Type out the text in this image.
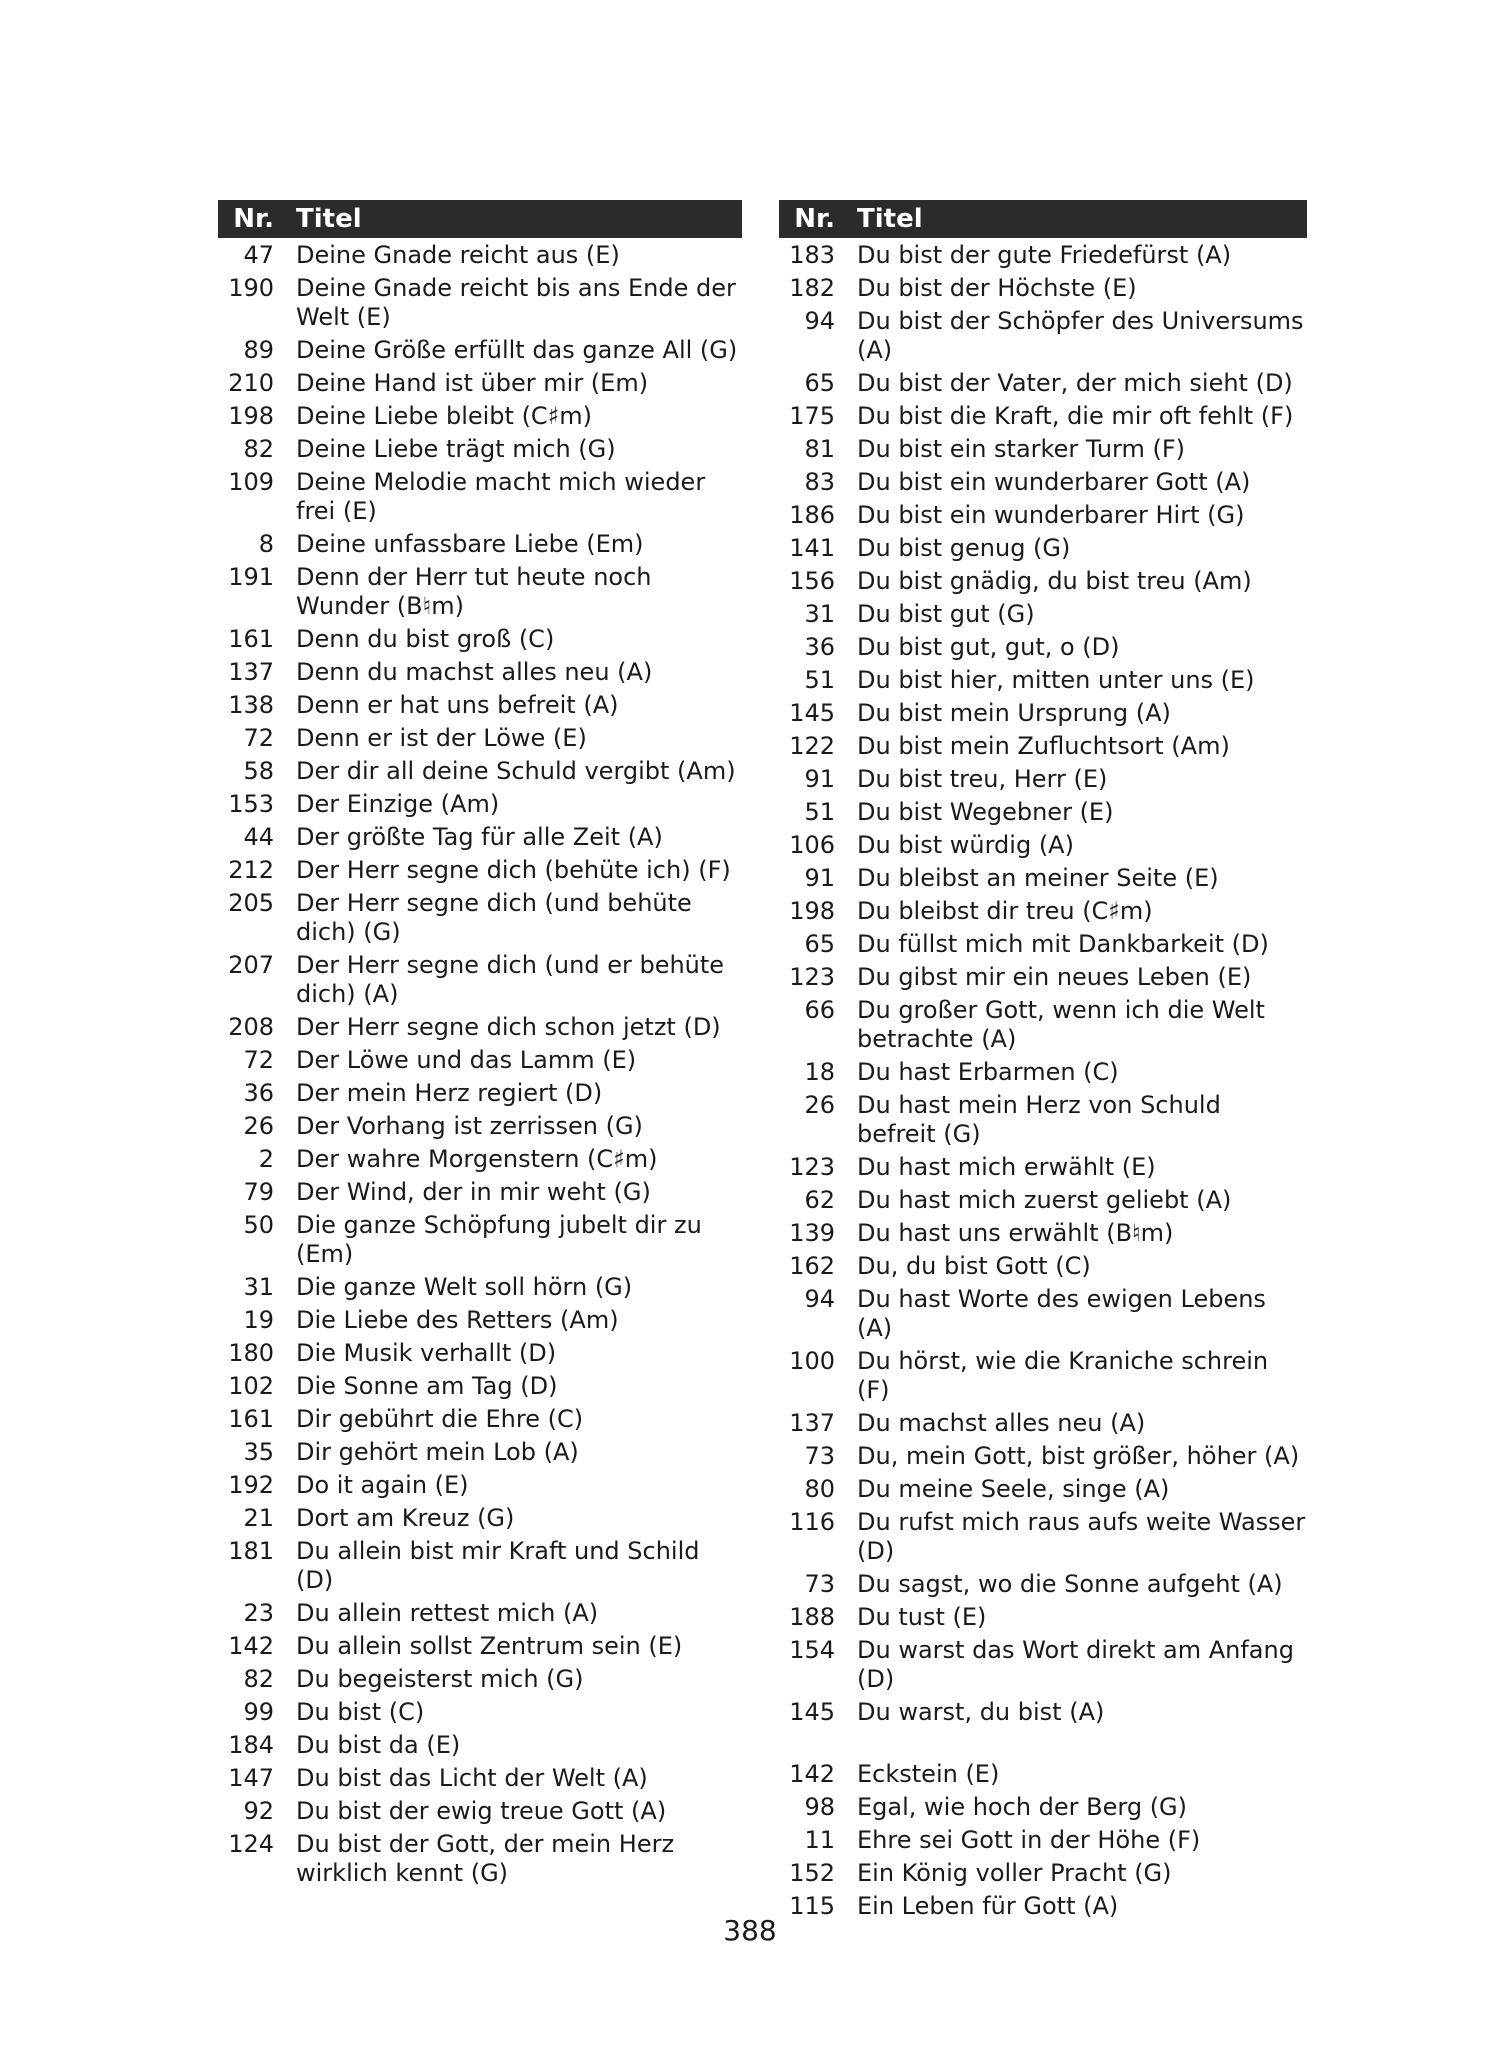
Nr. Titel
47 Deine Gnade reicht aus (E)
190 Deine Gnade reicht bis ans Ende der Welt (E)
89 Deine Größe erfüllt das ganze All (G)
210 Deine Hand ist über mir (Em)
198 Deine Liebe bleibt (C♯m)
82 Deine Liebe trägt mich (G)
109 Deine Melodie macht mich wieder frei (E)
8 Deine unfassbare Liebe (Em)
191 Denn der Herr tut heute noch Wunder (B♮m)
161 Denn du bist groß (C)
137 Denn du machst alles neu (A)
138 Denn er hat uns befreit (A)
72 Denn er ist der Löwe (E)
58 Der dir all deine Schuld vergibt (Am)
153 Der Einzige (Am)
44 Der größte Tag für alle Zeit (A)
212 Der Herr segne dich (behüte ich) (F)
205 Der Herr segne dich (und behüte dich) (G)
207 Der Herr segne dich (und er behüte dich) (A)
208 Der Herr segne dich schon jetzt (D)
72 Der Löwe und das Lamm (E)
36 Der mein Herz regiert (D)
26 Der Vorhang ist zerrissen (G)
2 Der wahre Morgenstern (C♯m)
79 Der Wind, der in mir weht (G)
50 Die ganze Schöpfung jubelt dir zu (Em)
31 Die ganze Welt soll hörn (G)
19 Die Liebe des Retters (Am)
180 Die Musik verhallt (D)
102 Die Sonne am Tag (D)
161 Dir gebührt die Ehre (C)
35 Dir gehört mein Lob (A)
192 Do it again (E)
21 Dort am Kreuz (G)
181 Du allein bist mir Kraft und Schild (D)
23 Du allein rettest mich (A)
142 Du allein sollst Zentrum sein (E)
82 Du begeisterst mich (G)
99 Du bist (C)
184 Du bist da (E)
147 Du bist das Licht der Welt (A)
92 Du bist der ewig treue Gott (A)
124 Du bist der Gott, der mein Herz wirklich kennt (G)
Nr. Titel
183 Du bist der gute Friedefürst (A)
182 Du bist der Höchste (E)
94 Du bist der Schöpfer des Universums (A)
65 Du bist der Vater, der mich sieht (D)
175 Du bist die Kraft, die mir oft fehlt (F)
81 Du bist ein starker Turm (F)
83 Du bist ein wunderbarer Gott (A)
186 Du bist ein wunderbarer Hirt (G)
141 Du bist genug (G)
156 Du bist gnädig, du bist treu (Am)
31 Du bist gut (G)
36 Du bist gut, gut, o (D)
51 Du bist hier, mitten unter uns (E)
145 Du bist mein Ursprung (A)
122 Du bist mein Zufluchtsort (Am)
91 Du bist treu, Herr (E)
51 Du bist Wegebner (E)
106 Du bist würdig (A)
91 Du bleibst an meiner Seite (E)
198 Du bleibst dir treu (C♯m)
65 Du füllst mich mit Dankbarkeit (D)
123 Du gibst mir ein neues Leben (E)
66 Du großer Gott, wenn ich die Welt betrachte (A)
18 Du hast Erbarmen (C)
26 Du hast mein Herz von Schuld befreit (G)
123 Du hast mich erwählt (E)
62 Du hast mich zuerst geliebt (A)
139 Du hast uns erwählt (B♮m)
162 Du, du bist Gott (C)
94 Du hast Worte des ewigen Lebens (A)
100 Du hörst, wie die Kraniche schrein (F)
137 Du machst alles neu (A)
73 Du, mein Gott, bist größer, höher (A)
80 Du meine Seele, singe (A)
116 Du rufst mich raus aufs weite Wasser (D)
73 Du sagst, wo die Sonne aufgeht (A)
188 Du tust (E)
154 Du warst das Wort direkt am Anfang (D)
145 Du warst, du bist (A)
142 Eckstein (E)
98 Egal, wie hoch der Berg (G)
11 Ehre sei Gott in der Höhe (F)
152 Ein König voller Pracht (G)
115 Ein Leben für Gott (A)
388
